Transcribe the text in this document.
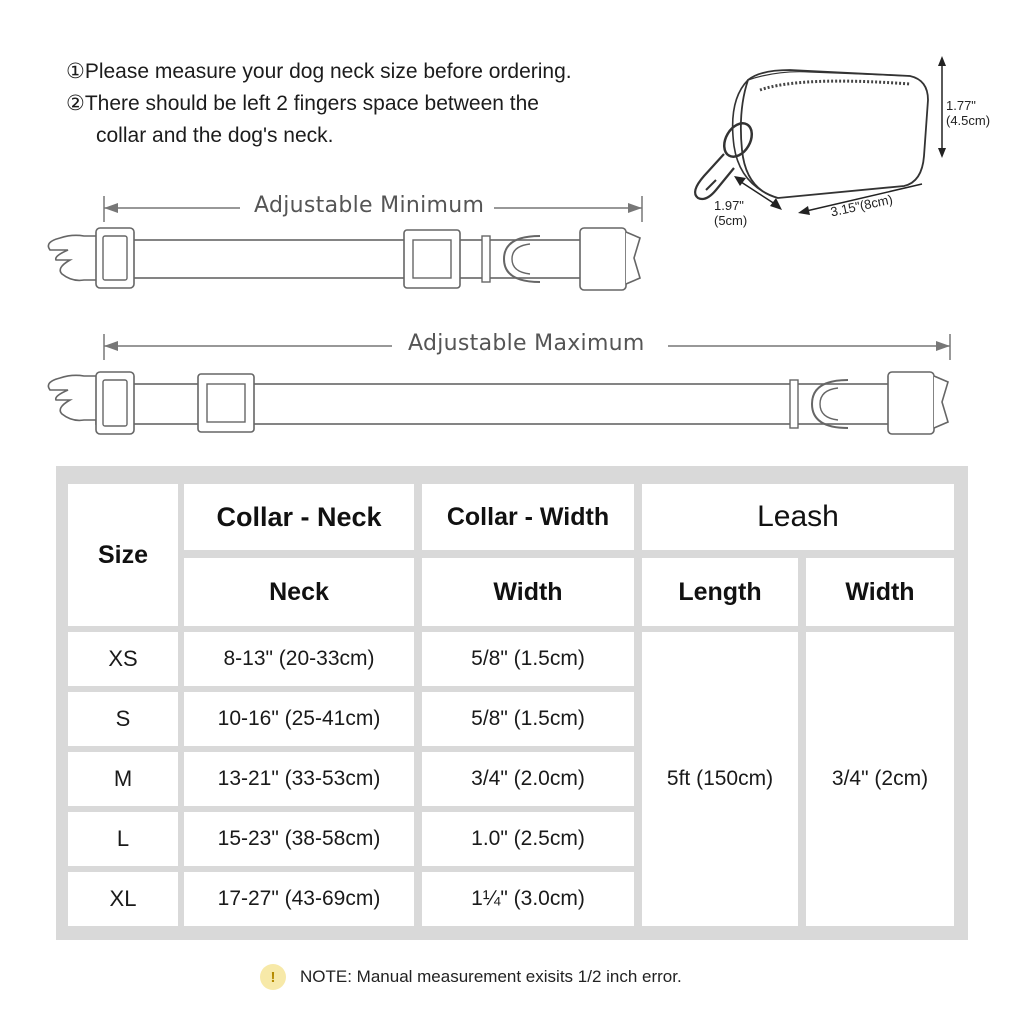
①Please measure your dog neck size before ordering.
②There should be left 2 fingers space between the
collar and the dog's neck.
Adjustable Minimum
Adjustable Maximum
1.77"
(4.5cm)
1.97"
(5cm)
3.15"(8cm)
Size
Collar - Neck	Collar - Width	Leash
Neck	Width	Length	Width
XS	8-13" (20-33cm)	5/8" (1.5cm)
S	10-16" (25-41cm)	5/8" (1.5cm)
M	13-21" (33-53cm)	3/4" (2.0cm)
L	15-23" (38-58cm)	1.0" (2.5cm)
XL	17-27" (43-69cm)	1¼" (3.0cm)
5ft (150cm)	3/4" (2cm)
!	NOTE: Manual measurement exisits 1/2 inch error.
